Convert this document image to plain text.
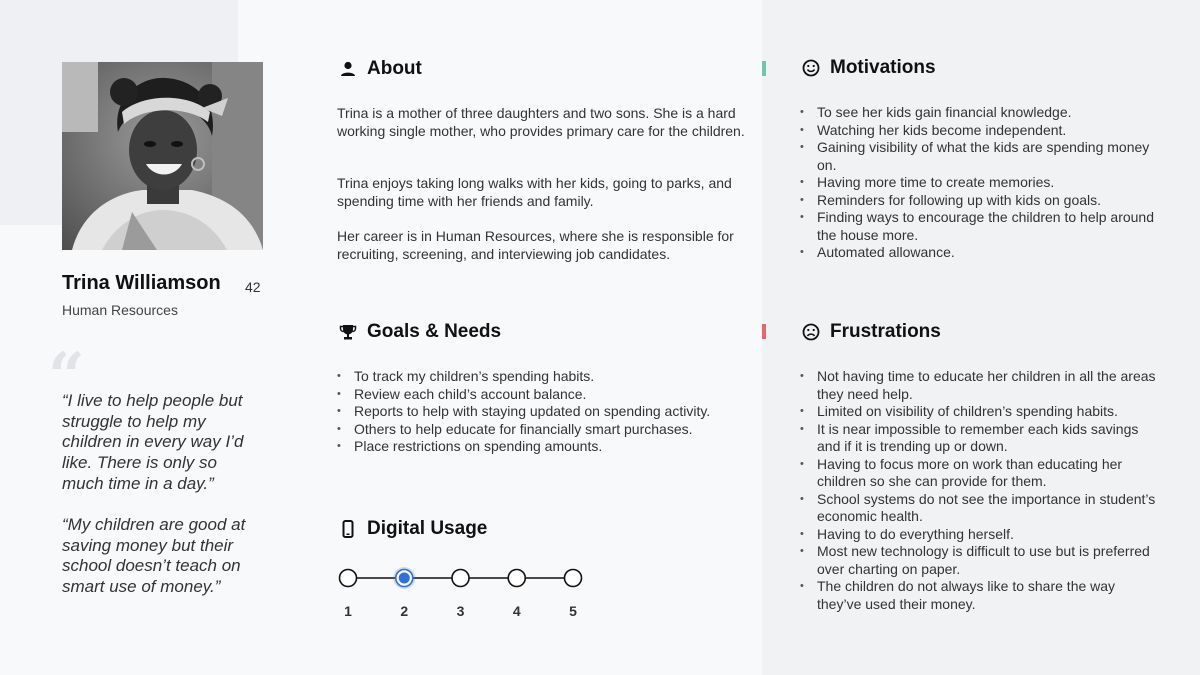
Trina Williamson 42
Human Resources
“

“I live to help people but struggle to help my children in every way I’d like. There is only so much time in a day.”

“My children are good at saving money but their school doesn’t teach on smart use of money.”

About

Trina is a mother of three daughters and two sons. She is a hard working single mother, who provides primary care for the children.

Trina enjoys taking long walks with her kids, going to parks, and spending time with her friends and family.

Her career is in Human Resources, where she is responsible for recruiting, screening, and interviewing job candidates.

Goals & Needs
• To track my children’s spending habits.
• Review each child’s account balance.
• Reports to help with staying updated on spending activity.
• Others to help educate for financially smart purchases.
• Place restrictions on spending amounts.
Digital Usage
1	2	3	4	5
Motivations
• To see her kids gain financial knowledge.
• Watching her kids become independent.
• Gaining visibility of what the kids are spending money on.
• Having more time to create memories.
• Reminders for following up with kids on goals.
• Finding ways to encourage the children to help around the house more.
• Automated allowance.
Frustrations
• Not having time to educate her children in all the areas they need help.
• Limited on visibility of children’s spending habits.
• It is near impossible to remember each kids savings and if it is trending up or down.
• Having to focus more on work than educating her children so she can provide for them.
• School systems do not see the importance in student’s economic health.
• Having to do everything herself.
• Most new technology is difficult to use but is preferred over charting on paper.
• The children do not always like to share the way they’ve used their money.
